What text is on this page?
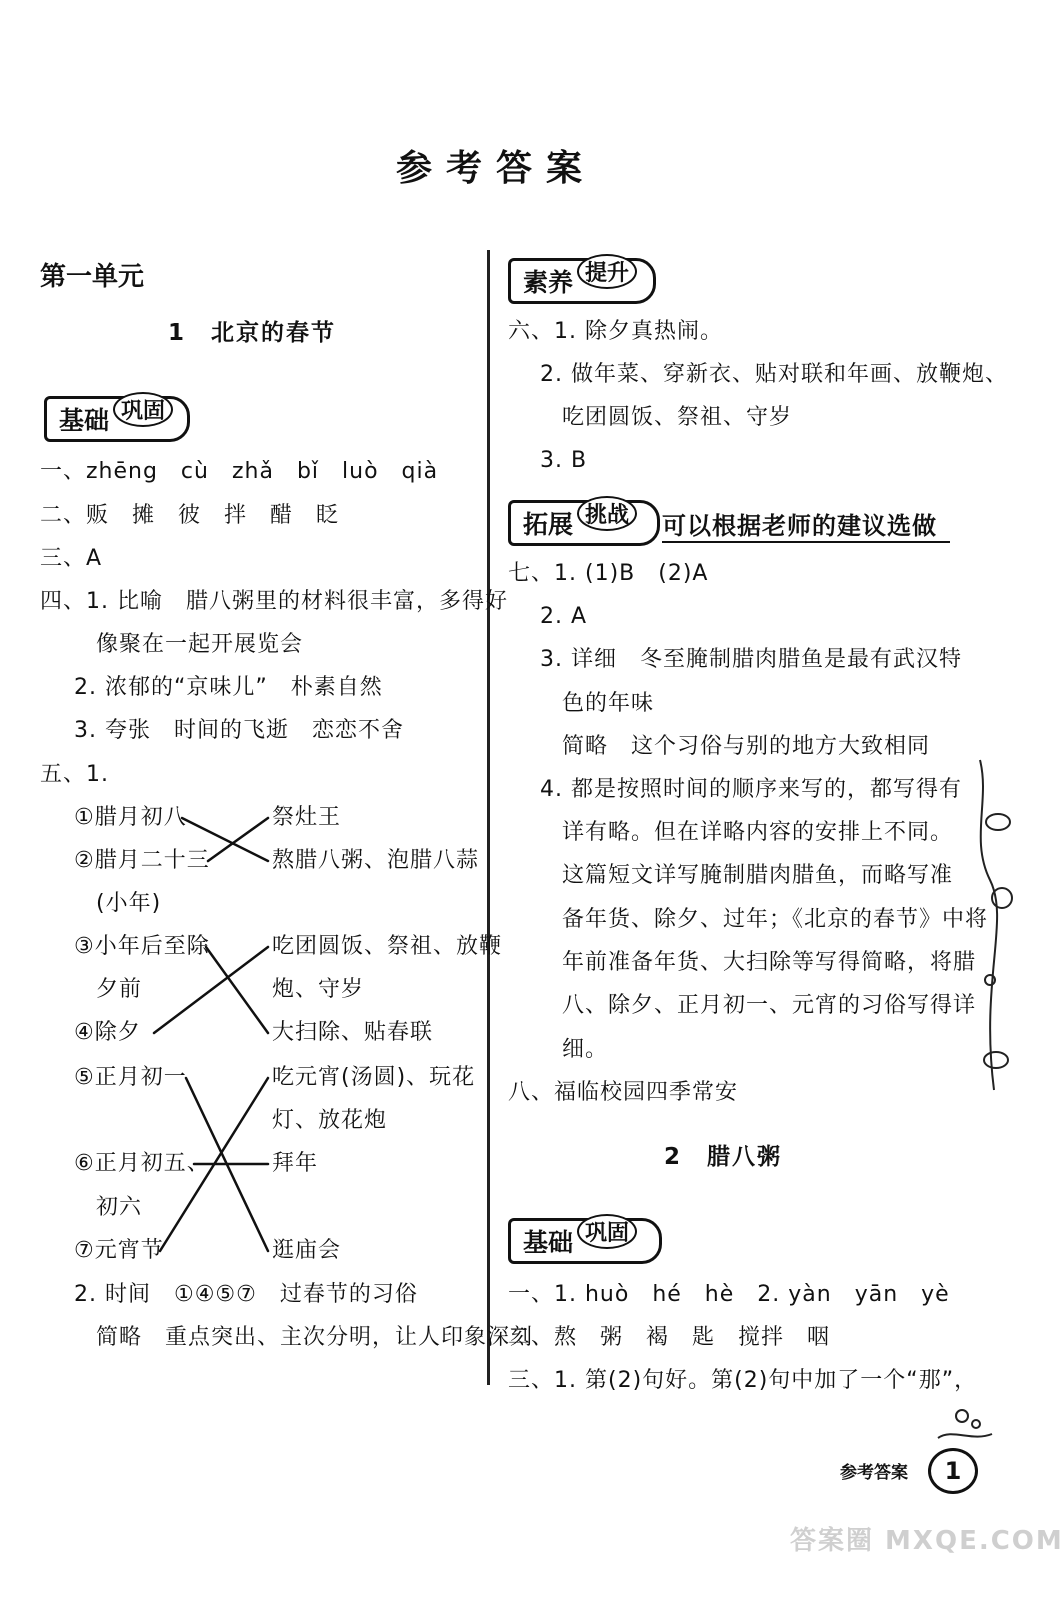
参考答案
第一单元
1　北京的春节
基础 巩固
一、zhēng　cù　zhǎ　bǐ　luò　qià
二、贩　摊　彼　拌　醋　眨
三、A
四、1. 比喻　腊八粥里的材料很丰富，多得好
像聚在一起开展览会
2. 浓郁的“京味儿”　朴素自然
3. 夸张　时间的飞逝　恋恋不舍
五、1.
①腊月初八
②腊月二十三
(小年)
③小年后至除
夕前
④除夕
⑤正月初一
⑥正月初五、
初六
⑦元宵节
祭灶王
熬腊八粥、泡腊八蒜
吃团圆饭、祭祖、放鞭
炮、守岁
大扫除、贴春联
吃元宵(汤圆)、玩花
灯、放花炮
拜年
逛庙会
2. 时间　①④⑤⑦　过春节的习俗
简略　重点突出、主次分明，让人印象深刻
素养 提升
六、1. 除夕真热闹。
2. 做年菜、穿新衣、贴对联和年画、放鞭炮、
吃团圆饭、祭祖、守岁
3. B
拓展 挑战	可以根据老师的建议选做
七、1. (1)B　(2)A
2. A
3. 详细　冬至腌制腊肉腊鱼是最有武汉特
色的年味
简略　这个习俗与别的地方大致相同
4. 都是按照时间的顺序来写的，都写得有
详有略。但在详略内容的安排上不同。
这篇短文详写腌制腊肉腊鱼，而略写准
备年货、除夕、过年；《北京的春节》中将
年前准备年货、大扫除等写得简略，将腊
八、除夕、正月初一、元宵的习俗写得详
细。
八、福临校园四季常安
2　腊八粥
基础 巩固
一、1. huò　hé　hè　2. yàn　yān　yè
二、熬　粥　褐　匙　搅拌　咽
三、1. 第(2)句好。第(2)句中加了一个“那”，
参考答案	1
答案圈 MXQE.COM
